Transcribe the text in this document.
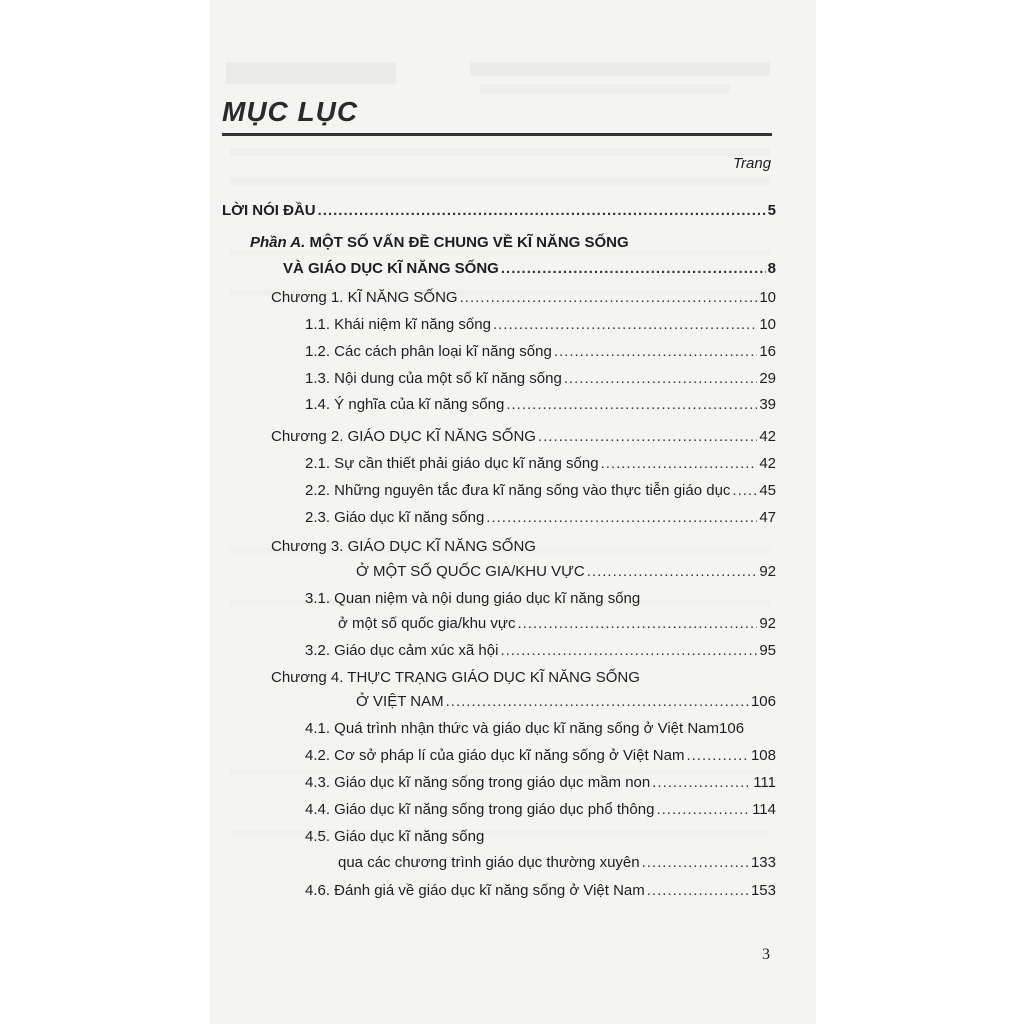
MỤC LỤC
Trang
LỜI NÓI ĐẦU .....	5
Phần A. MỘT SỐ VẤN ĐỀ CHUNG VỀ KĨ NĂNG SỐNG
VÀ GIÁO DỤC KĨ NĂNG SỐNG .....	8
Chương 1. KĨ NĂNG SỐNG .....	10
1.1. Khái niệm kĩ năng sống .....	10
1.2. Các cách phân loại kĩ năng sống .....	16
1.3. Nội dung của một số kĩ năng sống .....	29
1.4. Ý nghĩa của kĩ năng sống .....	39
Chương 2. GIÁO DỤC KĨ NĂNG SỐNG .....	42
2.1. Sự cần thiết phải giáo dục kĩ năng sống .....	42
2.2. Những nguyên tắc đưa kĩ năng sống vào thực tiễn giáo dục ..... 45
2.3. Giáo dục kĩ năng sống .....	47
Chương 3. GIÁO DỤC KĨ NĂNG SỐNG
Ở MỘT SỐ QUỐC GIA/KHU VỰC .....	92
3.1. Quan niệm và nội dung giáo dục kĩ năng sống
ở một số quốc gia/khu vực .....	92
3.2. Giáo dục cảm xúc xã hội .....	95
Chương 4. THỰC TRẠNG GIÁO DỤC KĨ NĂNG SỐNG
Ở VIỆT NAM .....	106
4.1. Quá trình nhận thức và giáo dục kĩ năng sống ở Việt Nam 106
4.2. Cơ sở pháp lí của giáo dục kĩ năng sống ở Việt Nam .....	108
4.3. Giáo dục kĩ năng sống trong giáo dục mầm non .....	111
4.4. Giáo dục kĩ năng sống trong giáo dục phổ thông .....	114
4.5. Giáo dục kĩ năng sống
qua các chương trình giáo dục thường xuyên .....	133
4.6. Đánh giá về giáo dục kĩ năng sống ở Việt Nam .....	153
3
